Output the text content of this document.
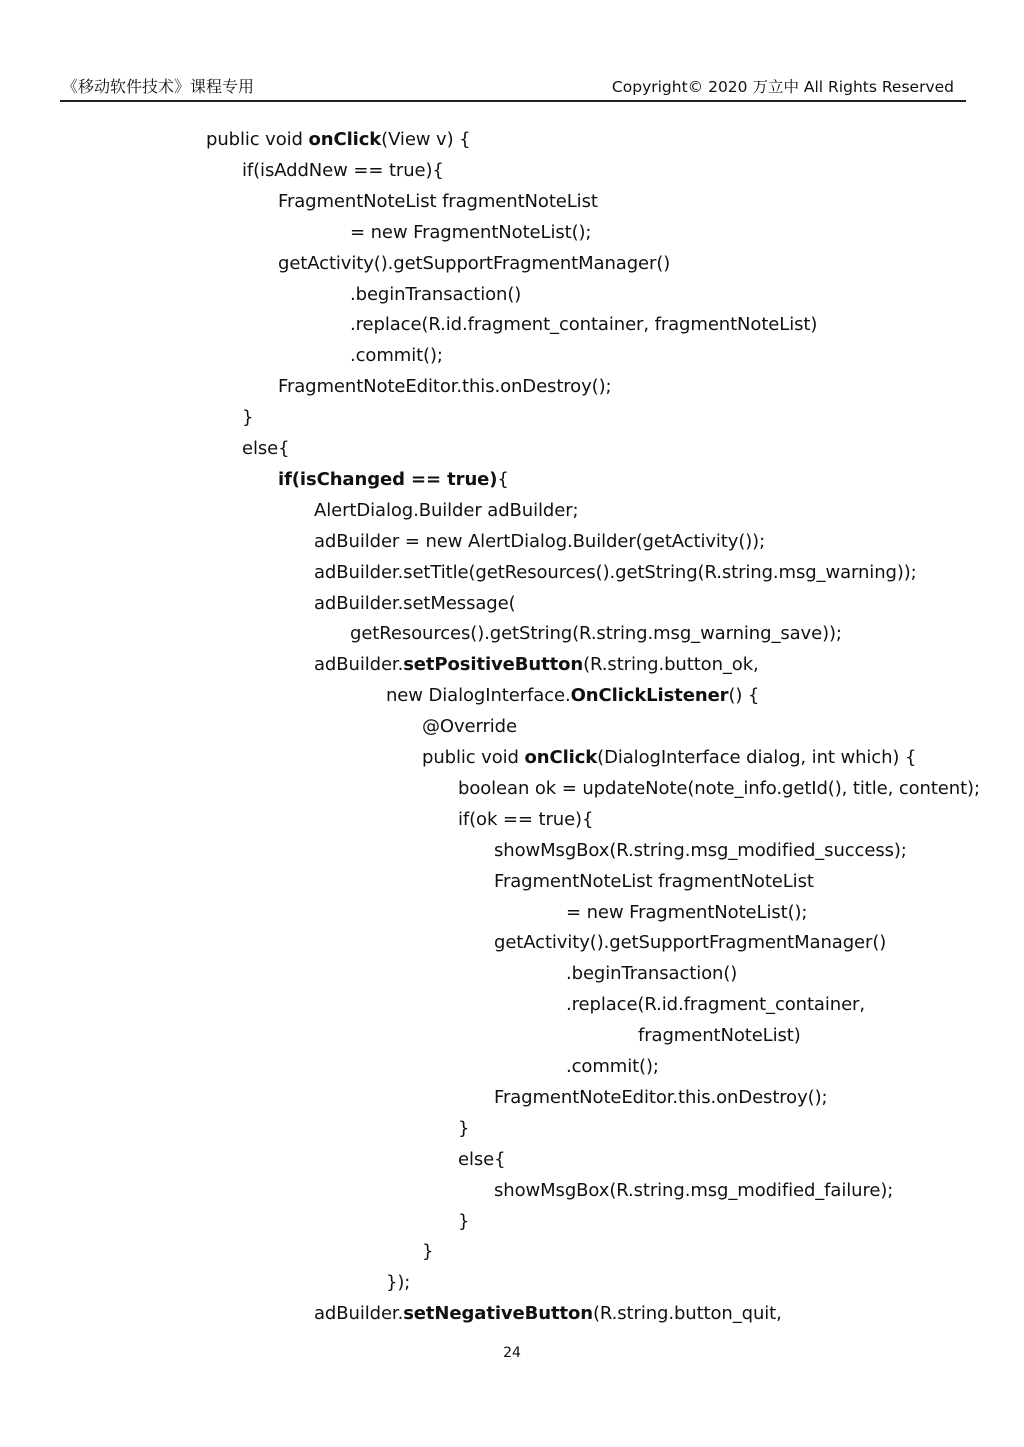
《移动软件技术》课程专用	Copyright© 2020 万立中 All Rights Reserved
public void onClick(View v) {
if(isAddNew == true){
FragmentNoteList fragmentNoteList
= new FragmentNoteList();
getActivity().getSupportFragmentManager()
.beginTransaction()
.replace(R.id.fragment_container, fragmentNoteList)
.commit();
FragmentNoteEditor.this.onDestroy();
}
else{
if(isChanged == true){
AlertDialog.Builder adBuilder;
adBuilder = new AlertDialog.Builder(getActivity());
adBuilder.setTitle(getResources().getString(R.string.msg_warning));
adBuilder.setMessage(
getResources().getString(R.string.msg_warning_save));
adBuilder.setPositiveButton(R.string.button_ok,
new DialogInterface.OnClickListener() {
@Override
public void onClick(DialogInterface dialog, int which) {
boolean ok = updateNote(note_info.getId(), title, content);
if(ok == true){
showMsgBox(R.string.msg_modified_success);
FragmentNoteList fragmentNoteList
= new FragmentNoteList();
getActivity().getSupportFragmentManager()
.beginTransaction()
.replace(R.id.fragment_container,
fragmentNoteList)
.commit();
FragmentNoteEditor.this.onDestroy();
}
else{
showMsgBox(R.string.msg_modified_failure);
}
}
});
adBuilder.setNegativeButton(R.string.button_quit,
24
